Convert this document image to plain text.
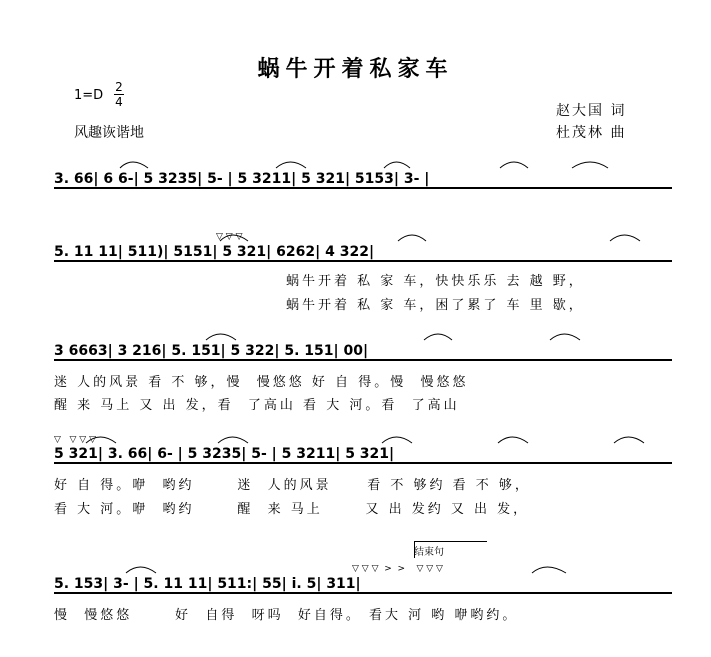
蜗牛开着私家车
1=D
2
4
风趣诙谐地
赵大国 词
杜茂林 曲
3. 66| 6 6-| 5 3235| 5- | 5 3211| 5 321| 5153| 3- |
▽ ▽ ▽
5. 11 11| 511)| 5151| 5 321| 6262| 4 322|
蜗牛开着 私 家 车，快快乐乐 去 越 野，
蜗牛开着 私 家 车，困了累了 车 里 歇，
3 6663| 3 216| 5. 151| 5 322| 5. 151| 00|
迷 人的风景 看 不 够，慢  慢悠悠 好 自 得。慢  慢悠悠
醒 来 马上 又 出 发，看  了高山 看 大 河。看  了高山
▽   ▽ ▽ ▽
5 321| 3. 66| 6- | 5 3235| 5- | 5 3211| 5 321|
好 自 得。咿  哟约      迷  人的风景     看 不 够约 看 不 够，
看 大 河。咿  哟约      醒  来 马上      又 出 发约 又 出 发，
结束句
▽ ▽ ▽  >  >    ▽ ▽ ▽
5. 153| 3- | 5. 11 11| 511:| 55| i. 5| 311|
慢  慢悠悠      好  自得  呀吗  好自得。 看大 河 哟 咿哟约。
